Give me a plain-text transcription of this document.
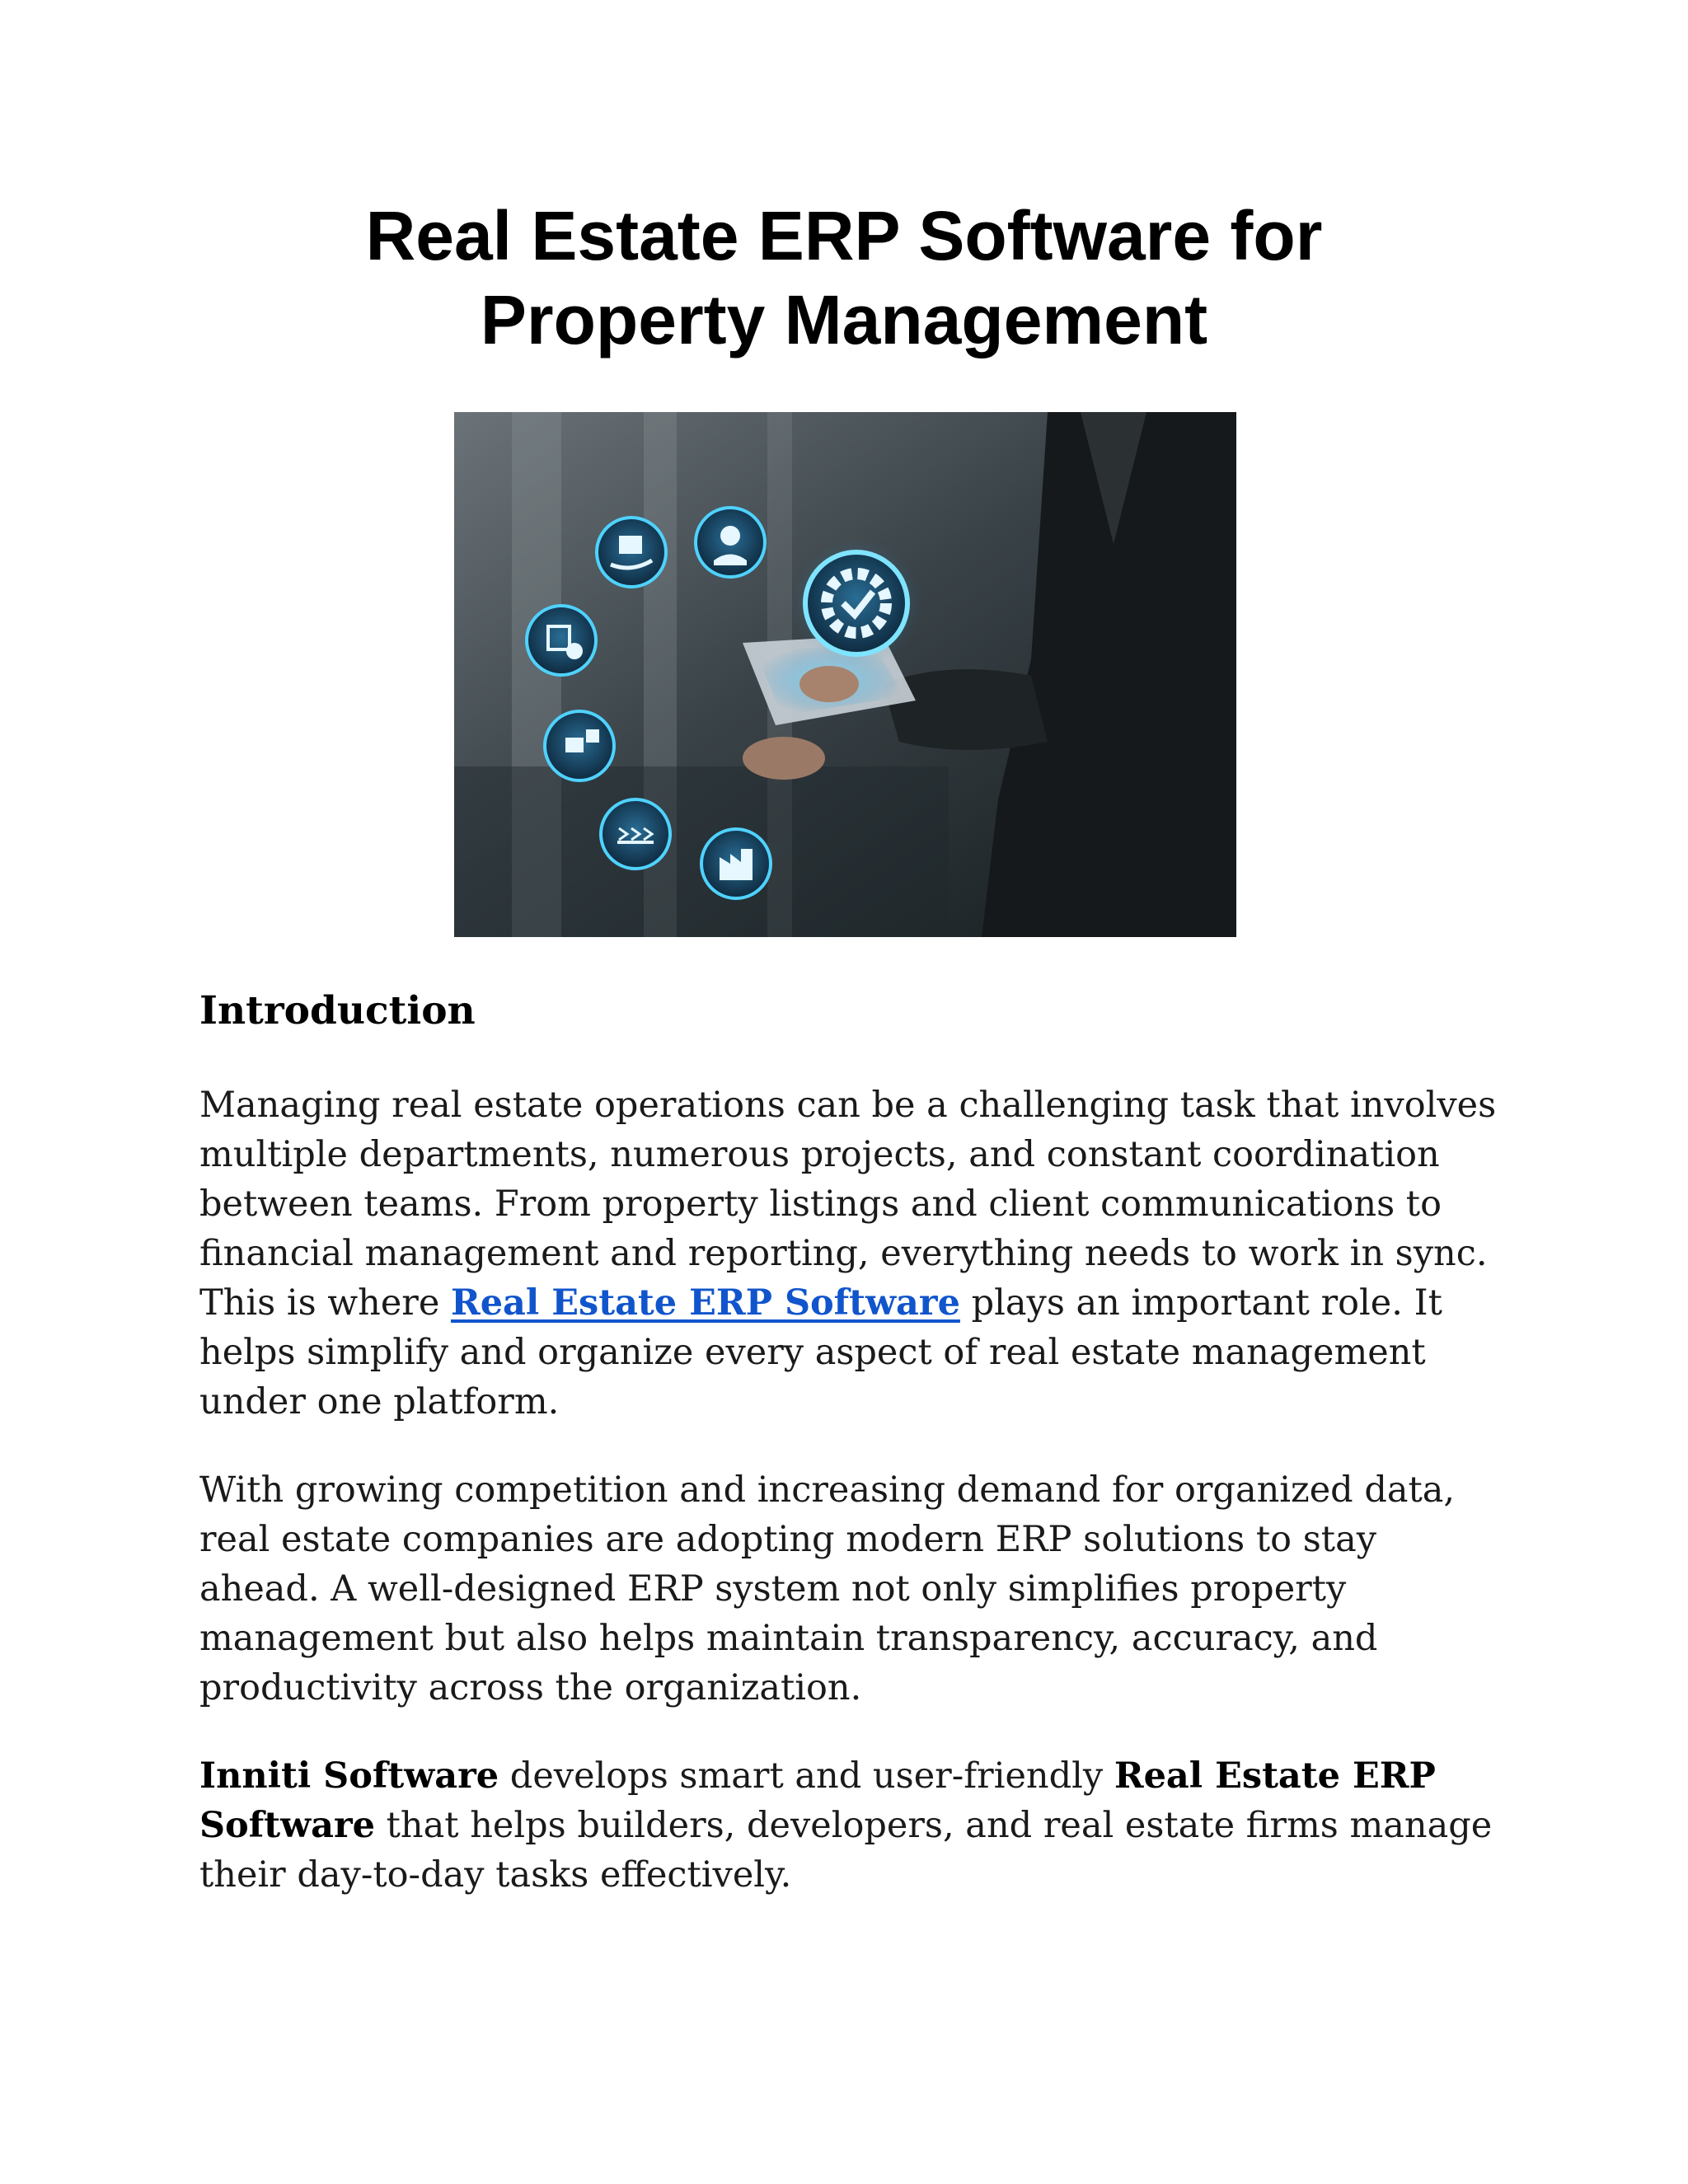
Real Estate ERP Software for
Property Management
Introduction

Managing real estate operations can be a challenging task that involves multiple departments, numerous projects, and constant coordination between teams. From property listings and client communications to financial management and reporting, everything needs to work in sync. This is where Real Estate ERP Software plays an important role. It helps simplify and organize every aspect of real estate management under one platform.

With growing competition and increasing demand for organized data, real estate companies are adopting modern ERP solutions to stay ahead. A well-designed ERP system not only simplifies property management but also helps maintain transparency, accuracy, and productivity across the organization.

Inniti Software develops smart and user-friendly Real Estate ERP Software that helps builders, developers, and real estate firms manage their day-to-day tasks effectively.
